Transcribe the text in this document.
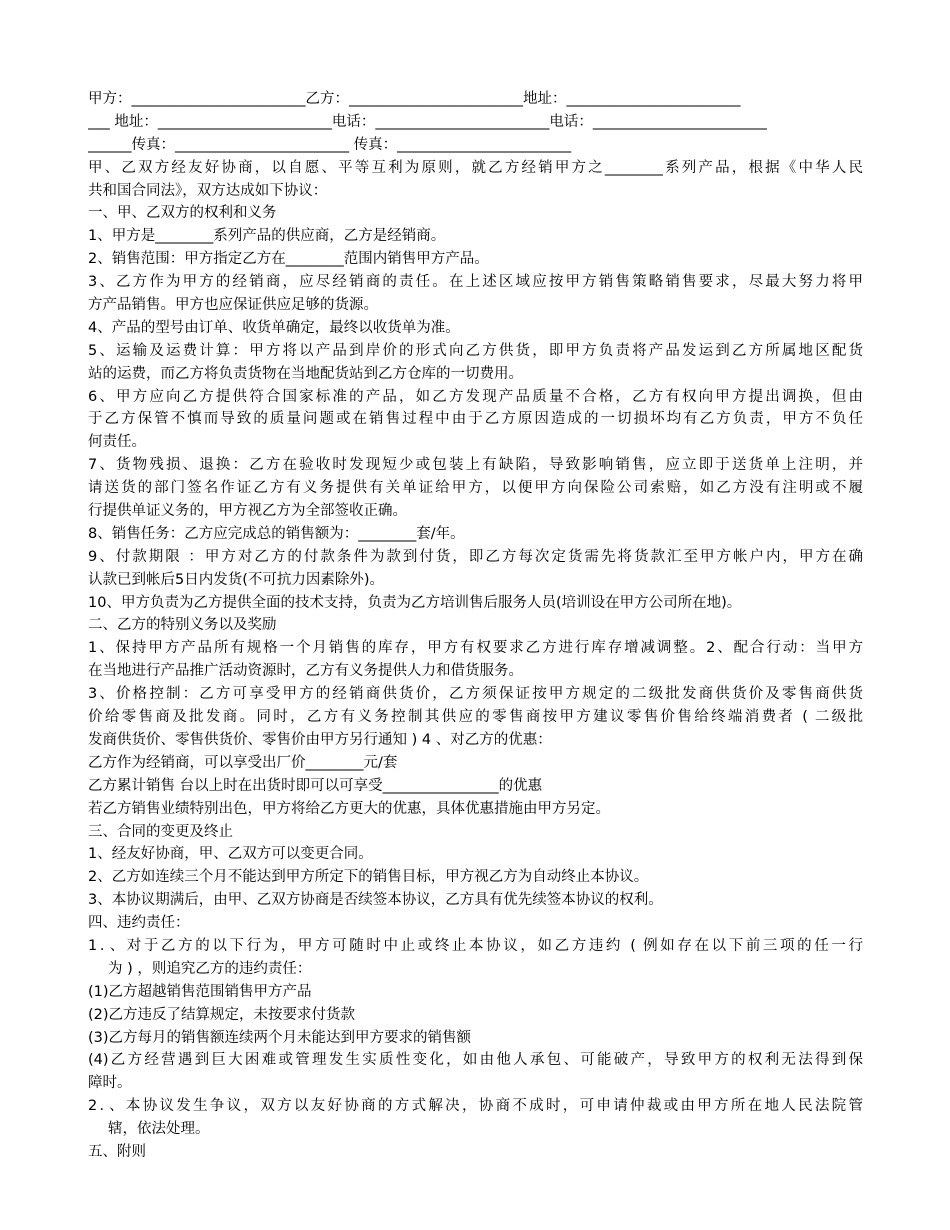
甲方：________________________乙方：________________________地址：________________________
___ 地址：________________________电话：________________________电话：________________________
______传真：________________________ 传真：________________________
甲、乙双方经友好协商，以自愿、平等互利为原则，就乙方经销甲方之________系列产品，根据《中华人民
共和国合同法》，双方达成如下协议：
一、甲、乙双方的权利和义务
1、甲方是________系列产品的供应商，乙方是经销商。
2、销售范围：甲方指定乙方在________范围内销售甲方产品。
3、乙方作为甲方的经销商，应尽经销商的责任。在上述区域应按甲方销售策略销售要求，尽最大努力将甲
方产品销售。甲方也应保证供应足够的货源。
4、产品的型号由订单、收货单确定，最终以收货单为准。
5、运输及运费计算：甲方将以产品到岸价的形式向乙方供货，即甲方负责将产品发运到乙方所属地区配货
站的运费，而乙方将负责货物在当地配货站到乙方仓库的一切费用。
6、甲方应向乙方提供符合国家标准的产品，如乙方发现产品质量不合格，乙方有权向甲方提出调换，但由
于乙方保管不慎而导致的质量问题或在销售过程中由于乙方原因造成的一切损坏均有乙方负责，甲方不负任
何责任。
7、货物残损、退换：乙方在验收时发现短少或包装上有缺陷，导致影响销售，应立即于送货单上注明，并
请送货的部门签名作证乙方有义务提供有关单证给甲方，以便甲方向保险公司索赔，如乙方没有注明或不履
行提供单证义务的，甲方视乙方为全部签收正确。
8、销售任务：乙方应完成总的销售额为：________套/年。
9、付款期限 ：甲方对乙方的付款条件为款到付货，即乙方每次定货需先将货款汇至甲方帐户内，甲方在确
认款已到帐后5日内发货(不可抗力因素除外)。
10、甲方负责为乙方提供全面的技术支持，负责为乙方培训售后服务人员(培训设在甲方公司所在地)。
二、乙方的特别义务以及奖励
1、保持甲方产品所有规格一个月销售的库存，甲方有权要求乙方进行库存增减调整。2、配合行动：当甲方
在当地进行产品推广活动资源时，乙方有义务提供人力和借货服务。
3、价格控制：乙方可享受甲方的经销商供货价，乙方须保证按甲方规定的二级批发商供货价及零售商供货
价给零售商及批发商。同时，乙方有义务控制其供应的零售商按甲方建议零售价售给终端消费者 ( 二级批
发商供货价、零售供货价、零售价由甲方另行通知 ) 4 、对乙方的优惠：
乙方作为经销商，可以享受出厂价________元/套
乙方累计销售 台以上时在出货时即可以可享受________________的优惠
若乙方销售业绩特别出色，甲方将给乙方更大的优惠，具体优惠措施由甲方另定。
三、合同的变更及终止
1、经友好协商，甲、乙双方可以变更合同。
2、乙方如连续三个月不能达到甲方所定下的销售目标，甲方视乙方为自动终止本协议。
3、本协议期满后，由甲、乙双方协商是否续签本协议，乙方具有优先续签本协议的权利。
四、违约责任：
1．、对于乙方的以下行为，甲方可随时中止或终止本协议，如乙方违约 ( 例如存在以下前三项的任一行
为 ) ，则追究乙方的违约责任：
(1)乙方超越销售范围销售甲方产品
(2)乙方违反了结算规定，未按要求付货款
(3)乙方每月的销售额连续两个月未能达到甲方要求的销售额
(4)乙方经营遇到巨大困难或管理发生实质性变化，如由他人承包、可能破产，导致甲方的权利无法得到保
障时。
2．、本协议发生争议，双方以友好协商的方式解决，协商不成时，可申请仲裁或由甲方所在地人民法院管
辖，依法处理。
五、附则
